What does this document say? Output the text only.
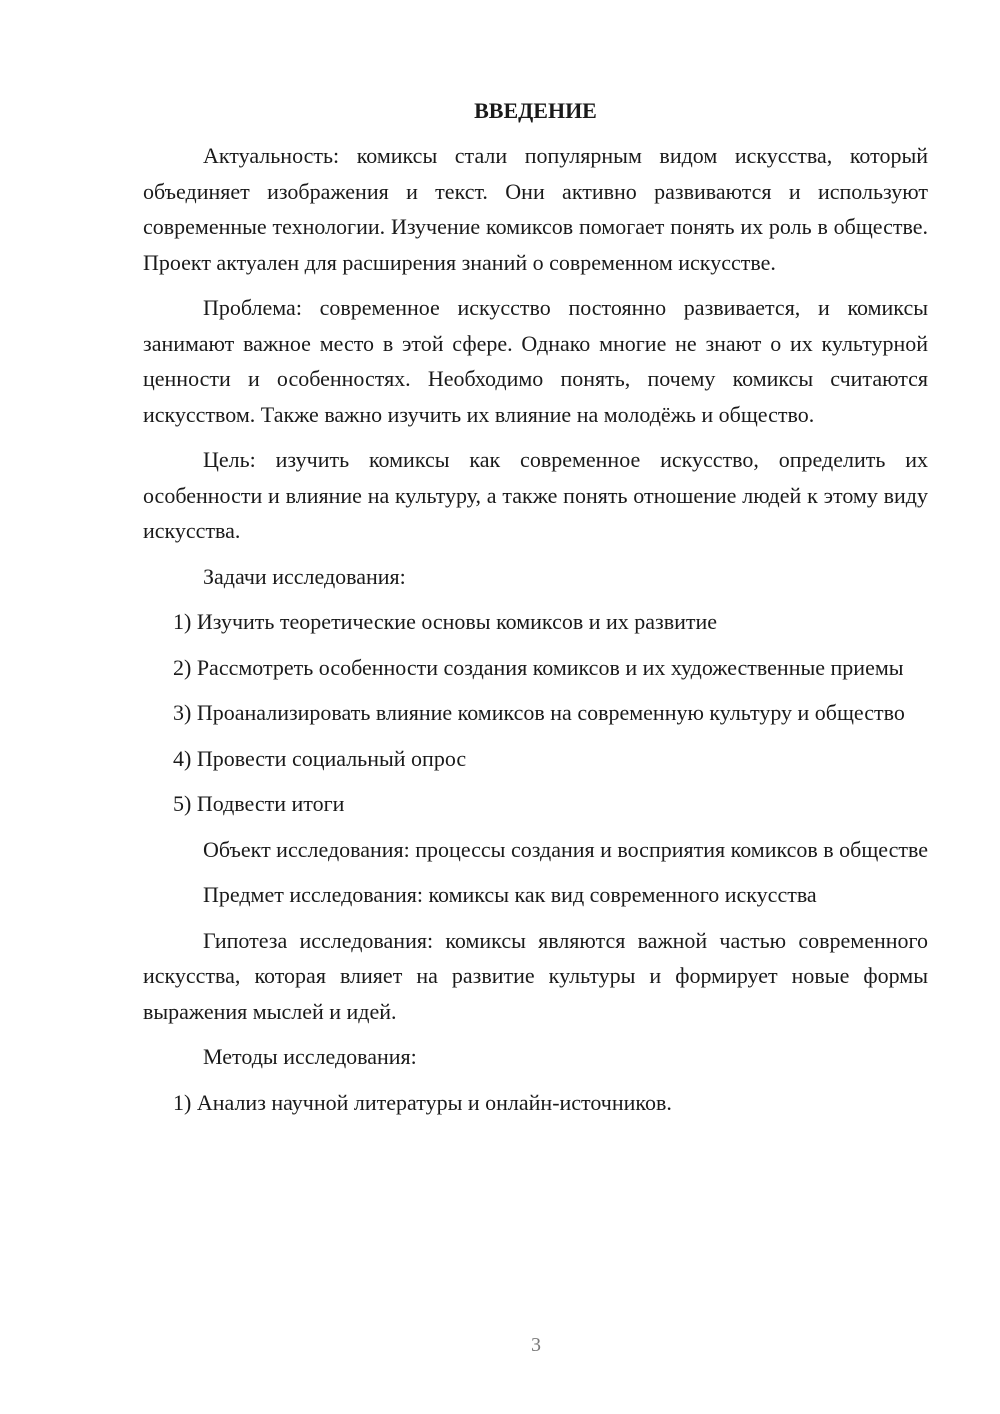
ВВЕДЕНИЕ

Актуальность: комиксы стали популярным видом искусства, который объединяет изображения и текст. Они активно развиваются и используют современные технологии. Изучение комиксов помогает понять их роль в обществе. Проект актуален для расширения знаний о современном искусстве.

Проблема: современное искусство постоянно развивается, и комиксы занимают важное место в этой сфере. Однако многие не знают о их культурной ценности и особенностях. Необходимо понять, почему комиксы считаются искусством. Также важно изучить их влияние на молодёжь и общество.

Цель: изучить комиксы как современное искусство, определить их особенности и влияние на культуру, а также понять отношение людей к этому виду искусства.

Задачи исследования:

1) Изучить теоретические основы комиксов и их развитие

2) Рассмотреть особенности создания комиксов и их художественные приемы

3) Проанализировать влияние комиксов на современную культуру и общество

4) Провести социальный опрос

5) Подвести итоги

Объект исследования: процессы создания и восприятия комиксов в обществе

Предмет исследования: комиксы как вид современного искусства

Гипотеза исследования: комиксы являются важной частью современного искусства, которая влияет на развитие культуры и формирует новые формы выражения мыслей и идей.

Методы исследования:

1) Анализ научной литературы и онлайн-источников.

3
